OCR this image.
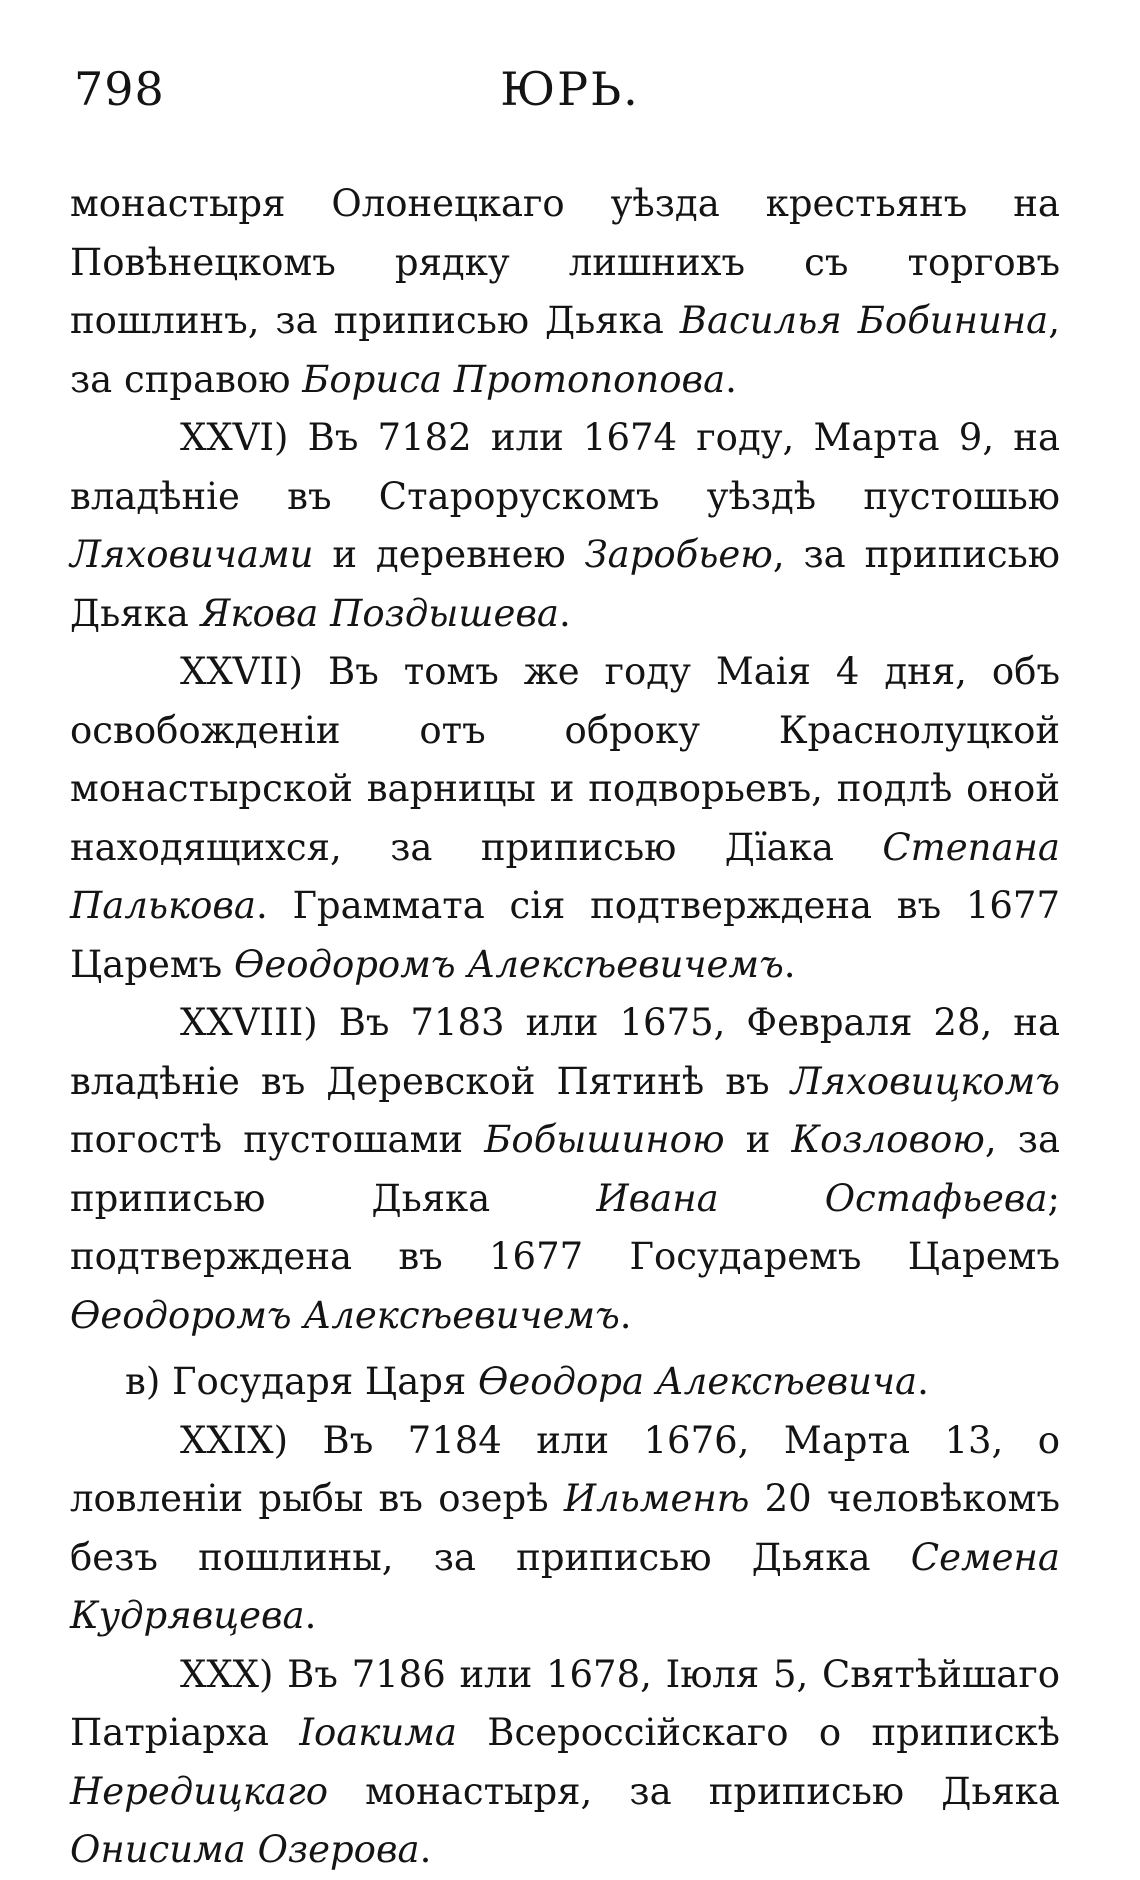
798	ЮРЬ.

монастыря Олонецкаго уѣзда крестьянъ на Повѣнецкомъ рядку лишнихъ съ торговъ пошлинъ, за приписью Дьяка Василья Бобинина, за справою Бориса Протопопова.

XXVI) Въ 7182 или 1674 году, Марта 9, на владѣніе въ Старорускомъ уѣздѣ пустошью Ляховичами и деревнею Заробьею, за приписью Дьяка Якова Поздышева.

XXVII) Въ томъ же году Маія 4 дня, объ освобожденіи отъ оброку Краснолуцкой монастырской варницы и подворьевъ, подлѣ оной находящихся, за приписью Дїака Степана Палькова. Граммата сія подтверждена въ 1677 Царемъ Ѳеодоромъ Алексѣевичемъ.

XXVIII) Въ 7183 или 1675, Февраля 28, на владѣніе въ Деревской Пятинѣ въ Ляховицкомъ погостѣ пустошами Бобышиною и Козловою, за приписью Дьяка Ивана Остафьева; подтверждена въ 1677 Государемъ Царемъ Ѳеодоромъ Алексѣевичемъ.

в) Государя Царя Ѳеодора Алексѣевича.

XXIX) Въ 7184 или 1676, Марта 13, о ловленіи рыбы въ озерѣ Ильменѣ 20 человѣкомъ безъ пошлины, за приписью Дьяка Семена Кудрявцева.

XXX) Въ 7186 или 1678, Іюля 5, Святѣйшаго Патріарха Іоакима Всероссійскаго о припискѣ Нередицкаго монастыря, за приписью Дьяка Онисима Озерова.
